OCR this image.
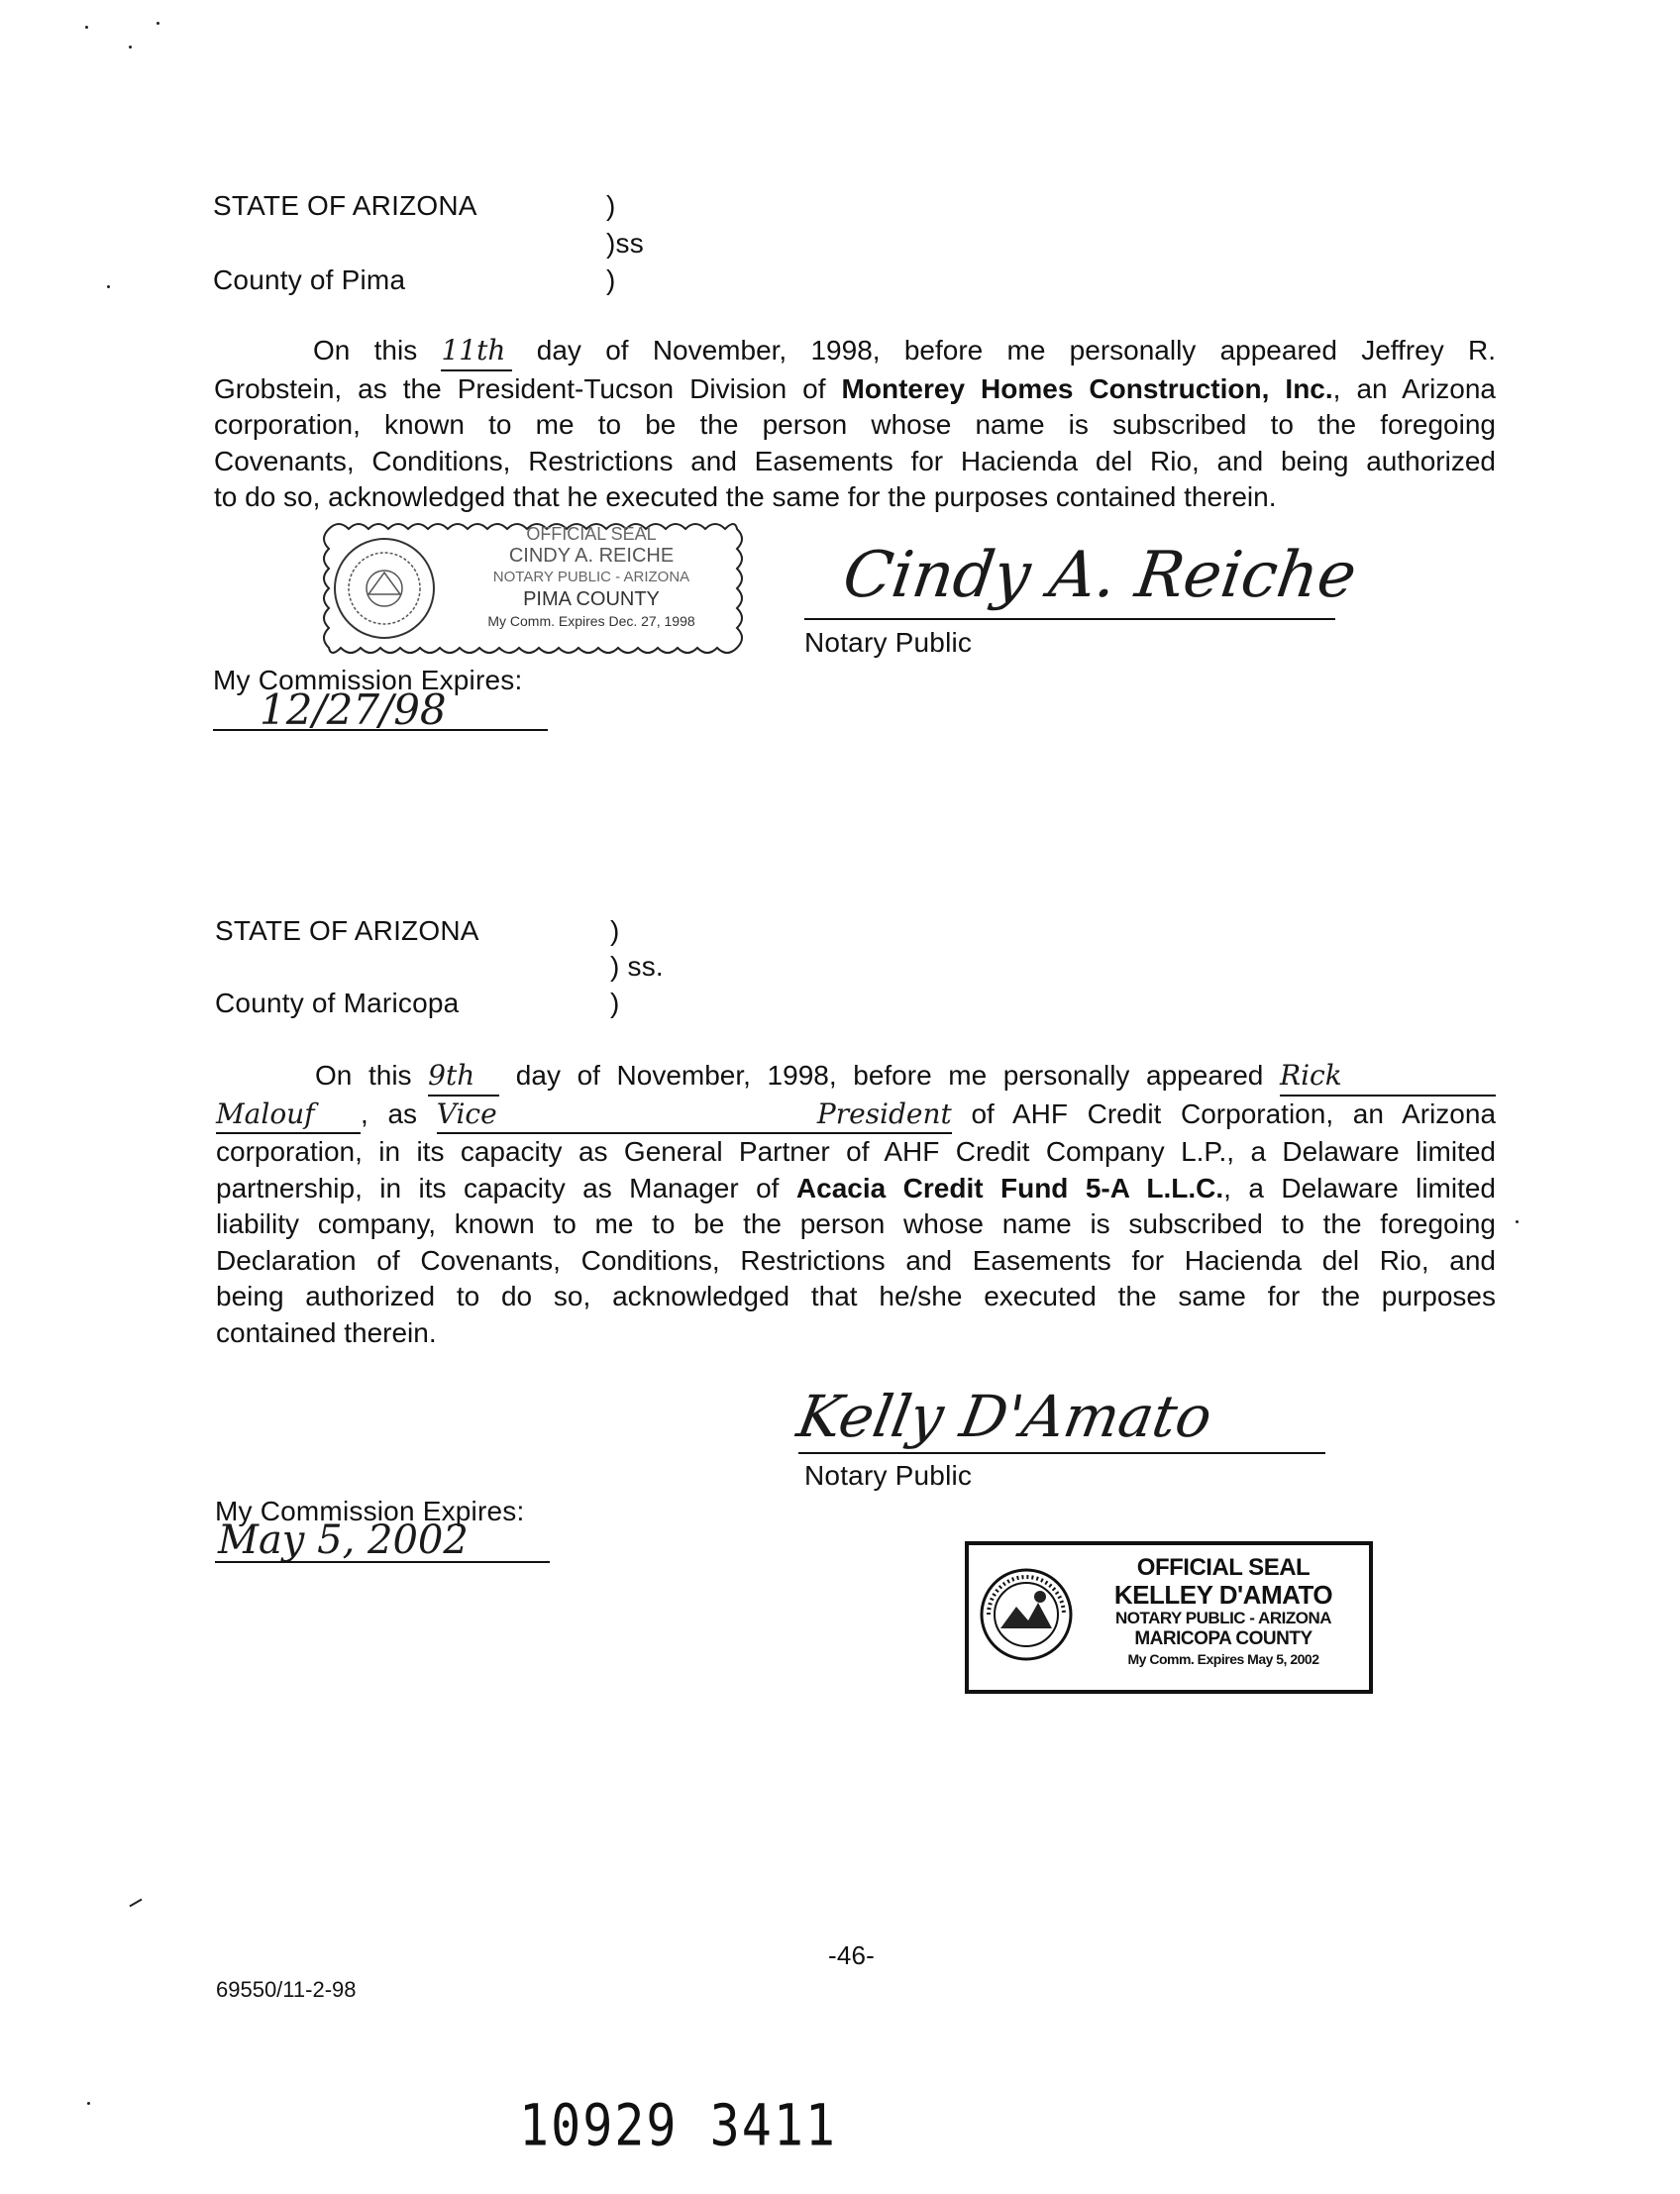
STATE OF ARIZONA	)
)ss
County of Pima	)
On this 11th day of November, 1998, before me personally appeared Jeffrey R.
Grobstein, as the President-Tucson Division of Monterey Homes Construction, Inc., an Arizona
corporation, known to me to be the person whose name is subscribed to the foregoing
Covenants, Conditions, Restrictions and Easements for Hacienda del Rio, and being authorized
to do so, acknowledged that he executed the same for the purposes contained therein.
OFFICIAL SEAL
CINDY A. REICHE
NOTARY PUBLIC - ARIZONA
PIMA COUNTY
My Comm. Expires Dec. 27, 1998
Cindy A. Reiche
Notary Public
My Commission Expires:
12/27/98
STATE OF ARIZONA	)
) ss.
County of Maricopa	)
On this 9th day of November, 1998, before me personally appeared Rick
Malouf , as Vice President of AHF Credit Corporation, an Arizona
corporation, in its capacity as General Partner of AHF Credit Company L.P., a Delaware limited
partnership, in its capacity as Manager of Acacia Credit Fund 5-A L.L.C., a Delaware limited
liability company, known to me to be the person whose name is subscribed to the foregoing
Declaration of Covenants, Conditions, Restrictions and Easements for Hacienda del Rio, and
being authorized to do so, acknowledged that he/she executed the same for the purposes
contained therein.
Kelly D'Amato
Notary Public
My Commission Expires:
May 5, 2002
OFFICIAL SEAL
KELLEY D'AMATO
NOTARY PUBLIC - ARIZONA
MARICOPA COUNTY
My Comm. Expires May 5, 2002
-46-
69550/11-2-98
10929 3411
